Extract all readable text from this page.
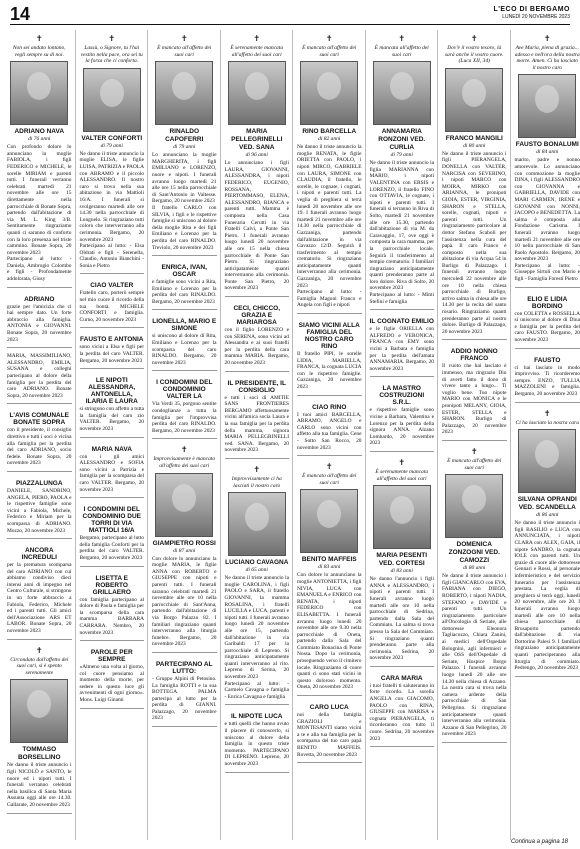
14	L'ECO DI BERGAMO
LUNEDÌ 20 NOVEMBRE 2023
✝
Non sei andato lontano, vegli sempre su di noi.
ADRIANO NAVA
di 76 anni
Con profondo dolore lo annunciano la moglie FABIOLA, i figli FEDERICO e MICHELE, le sorelle MIRIAM e parenti tutti. I funerali verranno celebrati martedì 21 novembre alle ore 15 direttamente nella parrocchiale di Bonate Sopra, partendo dall'abitazione di via M. L. King 3/B. Sentitamente ringraziamo quanti ci saranno di conforto con la loro presenza nel triste cammino. Bonate Sopra, 20 novembre 2023
Partecipano al lutto: - Daniela, Ambrogio Colombo e figli - Profondamente addolorata, Giusy
ADRIANO
grazie per l'amicizia che ci hai sempre dato. Un forte abbraccio alla famiglia. ANTONIA e GIOVANNI. Bonate Sopra, 20 novembre 2023
MARIA, MASSIMILIANO, ALESSANDRO, EMILIA, SUSANA e colleghi partecipano al dolore della famiglia per la perdita del caro ADRIANO. Bonate Sopra, 20 novembre 2023
L'AVIS COMUNALE BONATE SOPRA
con il presidente, il consiglio direttivo e tutti i soci è vicina alla famiglia per la perdita del caro ADRIANO, socio fedele. Bonate Sopra, 20 novembre 2023
PIAZZALUNGA
DANIELE, SANDRINO, ANGELA, PIERO, PAOLA e le rispettive famiglie sono vicini a Fabiola, Michele, Federico e Miriam per la scomparsa di ADRIANO. Mozzo, 20 novembre 2023
ANCORA INCREDULI
per la prematura scomparsa del caro ADRIANO con cui abbiamo condiviso dieci intensi anni di impegno nel Centro Culturale, si stringono in un forte abbraccio a Fabiola, Federico, Michele ed i parenti tutti. Gli amici dell'Associazione ARS ET LABOR. Bonate Sopra, 20 novembre 2023
✝
Circondato dall'affetto dei suoi cari, si è spento serenamente
TOMMASO BORSELLINO
Ne danno il triste annuncio i figli NICOLÒ e SANTO, le nuore ed i nipoti tutti. I funerali verranno celebrati nella basilica di Santa Maria Assunta oggi alle ore 14.30. Gallarate, 20 novembre 2023
✝
Lassù, o Signore, tu l'hai vestito nella pace, ora sei tu la forza che ci conforta.
VALTER CONFORTI
di 79 anni
Ne danno il triste annuncio la moglie ELISA, le figlie LUISA, PATRIZIA e PAOLA con ABRAMO e il piccolo ALESSANDRO. Il nostro caro si trova nella sua abitazione in via Mattioli 16/A. I funerali si svolgeranno martedì alle ore 14.30 nella parrocchiale di Longuelo. Si ringraziano tutti coloro che interverranno alla cerimonia. Bergamo, 20 novembre 2023
Partecipano al lutto: - Elsa Oldrati e figli - Serenella, Claudio, Antonio Bianchini - Sonia e Pietro
CIAO VALTER
Fratello caro, porterò sempre nel mio cuore il ricordo della tua bontà. MICHELE CONFORTI e famiglia. Curno, 20 novembre 2023
FAUSTO E ANTONIA
sono vicini a Elsa e figli per la perdita del caro VALTER. Bergamo, 20 novembre 2023
LE NIPOTI ALESSANDRA, ANTONELLA, ILARIA E LAURA
si stringono con affetto a tutta la famiglia del caro zio VALTER. Bergamo, 20 novembre 2023
MARIA NAVA
con i gli amici ALESSANDRO e SOFIA sono vicini a Patrizia e famiglia per la scomparsa del caro VALTER. Bergamo, 20 novembre 2023
I CONDOMINI DEL CONDOMINIO DUE TORRI DI VIA MATTIOLI 16/A
Bergamo, partecipano al lutto della famiglia Conforti per la perdita del caro VALTER. Bergamo, 20 novembre 2023
LISETTA E ROBERTO GRILLAERO
con famiglia partecipano al dolore di Paola e famiglia per la scomparsa della cara mamma BARBARA CARRARA. Nembro, 20 novembre 2023
PAROLE PER SEMPRE
«Almeno una volta al giorno, col cuore pensiamo al momento della morte, per sedere in questo luce gli avvenimenti di ogni giorno». Mons. Luigi Ginami
✝
È mancato all'affetto dei suoi cari
RINALDO CAPOFERRI
di 79 anni
Lo annunciano la moglie MARGHERITA, i figli EMILIANO e LORENZO, nuore e nipoti. I funerali avranno luogo martedì 21 alle ore 15 nella parrocchiale di Sant'Antonio in Valtesse. Bergamo, 20 novembre 2023
Il fratello CARLO con SILVIA, i figli e le rispettive famiglie si uniscono al dolore della moglie Rita e dei figli Emiliano e Lorenzo per la perdita del caro RINALDO. Treviolo, 20 novembre 2023
ENRICA, IVAN, OSCAR
e famiglie sono vicini a Rita, Emiliano e Lorenzo per la perdita del caro RINALDO. Bergamo, 20 novembre 2023
LIONELLA, MARIO E SIMONE
si uniscono al dolore di Rita, Emiliano e Lorenzo per la scomparsa del caro RINALDO. Bergamo, 20 novembre 2023
I CONDOMINI DEL CONDOMINIO VALTER LA
Via Verdi 35, porgono sentite condoglianze a tutta la famiglia per l'improvvisa perdita del caro RINALDO. Bergamo, 20 novembre 2023
✝
Improvvisamente è mancato all'affetto dei suoi cari
GIAMPIETRO ROSSI
di 87 anni
Con dolore lo annunciano la moglie MARIA, le figlie ANNA con ROBERTO e GIUSEPPE con nipoti e parenti tutti. I funerali saranno celebrati martedì 21 novembre alle ore 10 nella parrocchiale di Sant'Anna, partendo dall'abitazione di via Borgo Palazzo 82. I familiari ringraziano quanti interverranno alla liturgia funebre. Bergamo, 20 novembre 2023
PARTECIPANO AL LUTTO:
- Gruppo Alpini di Petosino. La famiglia ROTTI e la sua BOTTEGA PALMA partecipa al lutto per la perdita di GIANNI. Palazzago, 20 novembre 2023
✝
È serenamente mancata all'affetto dei suoi cari
MARIA PELLEGRINELLI VED. SANA
di 96 anni
Lo annunciano i figli LAURA, GIOVANNI, ALESSANDRA, i nipoti FEDERICO, EUGENIO, ROSSANA, PIERTOMMASO, ELENA, ALESSANDRO, BIANCA e parenti tutti. Mamma è composta nella Casa Funeraria Cerutti in via Fratelli Calvi, a Ponte San Pietro. I funerali avranno luogo lunedì 20 novembre alle ore 15 nella chiesa parrocchiale di Ponte San Pietro. Si ringraziano anticipatamente quanti interverranno alla cerimonia. Ponte San Pietro, 20 novembre 2023
CECI, CHICCO, GRAZIA E MARIAROSA
con il figlio LORENZO e con SERENA, sono vicini ad Alessandra e ai suoi fratelli per la perdita della cara mamma MARIA. Bergamo, 20 novembre 2023
IL PRESIDENTE, IL CONSIGLIO
e tutti i soci di AMITIE SANS FRONTIERES BERGAMO affettuosamente vicini all'amica socia Laura e la sua famiglia per la perdita della mamma, signora MARIA PELLEGRINELLI ved. SANA. Bergamo, 20 novembre 2023
✝
Improvvisamente ci ha lasciati il nostro caro
LUCIANO CAVAGNA
di 65 anni
Ne danno il triste annuncio la moglie CAROLINA, i figli PAOLO e SARA, il fratello GIOVANNI, la mamma ROSALINA, i fratelli LUCILLA e LUCA, parenti e nipoti tutti. I funerali avranno luogo lunedì 20 novembre alle ore 15, partendo dall'abitazione in via Garibaldi 17 per la parrocchiale di Lepreno. Si ringraziano anticipatamente quanti interverranno al rito. Lepreno di Serina, 20 novembre 2023
Partecipano al lutto: - Carmelo Cavagna e famiglia - Enrica Cavagna e famiglia
IL NIPOTE LUCA
e tutti quelli che hanno avuto il piacere di conoscerlo, si uniscono al dolore della famiglia in questo triste momento. PARTECIPANO DI LEPRENO. Lepreno, 20 novembre 2023
✝
È mancato all'affetto dei suoi cari
RINO BARCELLA
di 82 anni
Ne danno il triste annuncio la moglie RENATA, le figlie ORIETTA con PAOLO, i nipoti MIRCO, GABRIELE con LAURA, SIMONE con CLAUDIA, il fratello, le sorelle, le cognate, i cognati, i nipoti e parenti tutti. La veglia di preghiera si terrà lunedì 20 novembre alle ore 19. I funerali avranno luogo martedì 21 novembre alle ore 14.30 nella parrocchiale di Gazzaniga, partendo dall'abitazione in via Gavazzo 12/D. Seguirà il trasferimento al tempio crematorio. Si ringraziano anticipatamente quanti interverranno alla cerimonia. Gazzaniga, 20 novembre 2023
Partecipano al lutto: - Famiglia Magoni Franco e Angela con figli e nipoti
SIAMO VICINI ALLA FAMIGLIA DEL NOSTRO CARO RINO
Il fratello PIPI, le sorelle LIDIA, MARIELLA, FRANCA, la cognata LUCIA con le rispettive famiglie. Gazzaniga, 20 novembre 2023
CIAO RINO
I tuoi amici BARCELLA, ABRAMO, ANGELO e CARLO sono vicini con affetto alla tua famiglia. Cene - Sotto San Rocco, 20 novembre 2023
✝
È mancato all'affetto dei suoi cari
BENITO MAFFEIS
di 83 anni
Con dolore lo annunciano la moglie ANTONIETTA, i figli NIVIA, LUCA con EMANUELA e ENRICO con RENATA, i nipoti FEDERICO con ELISABETTA. I funerali avranno luogo lunedì 20 novembre alle ore 9.30 nella parrocchiale di Oneta, partendo dalla Sala del Commiato Bonacina di Ponte Nossa. Dopo la cerimonia, proseguendo verso il cimitero locale. Ringraziamo di cuore quanti ci sono stati vicini in questo doloroso momento. Oneta, 20 novembre 2023
CARO LUCA
noi della famiglia GRAZIOLI e MONTESANTI siamo vicini a te e alla tua famiglia per la scomparsa del tuo caro papà BENITO MAFFEIS. Rovetta, 20 novembre 2023
✝
È mancata all'affetto dei suoi cari
ANNAMARIA RONZONI VED. CURLIA
di 79 anni
Ne danno il triste annuncio la figlia MARIANNA con MARIO, i nipoti VALENTINA con ERSIS e LORENZO, il fratello FINO con OTTAVIA, le cognate, i nipoti e parenti tutti. I funerali si terranno in Riva di Solto, martedì 21 novembre alle ore 15.30, partendo dall'abitazione di via M. da Caravaggio, 17, ove oggi è composta la cara mamma, per la parrocchiale locale. Seguirà il trasferimento al tempio crematorio. I familiari ringraziano anticipatamente quanti prenderanno parte al loro dolore. Riva di Solto, 20 novembre 2023
Partecipano al lutto: - Mimi Stefini e famiglia
IL COGNATO EMILIO
e le figlie ORIELLA con ALFREDO e VERONICA, FRANCA con EMY sono vicini a Barbara e famiglia per la perdita dell'amata ANNAMARIA. Bergamo, 20 novembre 2023
LA MASTRO COSTRUZIONI S.R.L.
e rispettive famiglie sono vicine a Barbara, Valentina e Lorenzo per la perdita della signora ANNA. Alzano Lombardo, 20 novembre 2023
✝
È serenamente mancata all'affetto dei suoi cari
MARIA PESENTI VED. CORTESI
di 83 anni
Ne danno l'annuncio i figli ANNA e ALESSANDRO, i nipoti e parenti tutti. I funerali avranno luogo martedì alle ore 10 nella parrocchiale di Sedrina, partendo dalla Sala del Commiato. La salma si trova presso la Sala del Commiato. Si ringraziano quanti prenderanno parte alla cerimonia. Sedrina, 20 novembre 2023
CARA MARIA
i tuoi fratelli ti saluteranno in forte ricordo. La sorella ANGELA con GIACOMO, PAOLO con RINA, GIUSEPPE con MARISA e cognata PIERANGELA, ti ricorderanno con tutto il cuore. Sedrina, 20 novembre 2023
✝
Dov'è il vostro tesoro, là sarà anche il vostro cuore. (Luca XII, 34)
FRANCO MANGILI
di 80 anni
Ne danno il triste annuncio i figli PIERANGELA, DONELLA con VALTER, NARCISA con SEVERINO, i nipoti MARCO con MOIRA, MIRKO con ARIANNA, le pronipoti GIOIA, ESTER, VIRGINIA, SHARON e STELLA, sorelle, cognati, nipoti e parenti tutti. Un ringraziamento particolare al dottor Stefano Scaboli per l'assistenza nella cura del papà. Il caro Franco è composto nella sua abitazione di via Acqua 54 in Burligo di Palazzago. I funerali avranno luogo mercoledì 22 novembre alle ore 10 nella chiesa parrocchiale di Burligo, arrivo salma in chiesa alle ore 14.30 per la recita del santo rosario. Ringraziamo quanti prenderanno parte al nostro dolore. Burligo di Palazzago, 20 novembre 2023
ADDIO NONNO FRANCO
Il vuoto che hai lasciato è immenso, ma ringrazio Dio di averti fatto il dono di vivere tanto a lungo... Ti voglio bene. Tuo nipote MARIO con MONICA e le pronipoti MELANY, GIOIA, ESTER, STELLA e SHARON. Burligo di Palazzago, 20 novembre 2023
✝
È mancato all'affetto dei suoi cari
DOMENICA ZONZOGNI VED. CAMOZZI
di 80 anni
Ne danno il triste annuncio i figli GIANCARLO con EVA, FABIANA con DIEGO, ROBERTO, i nipoti NADIA, STEFANO e DAVIDE e parenti tutti. Un ringraziamento particolare all'Oncologia di Seriate, alle dottoresse Eleonora Tagliacozzo, Chiara Zanini, ai medici dell'Ospedale Bolognini, agli infermieri e alle OSS dell'Ospedale di Seriate, Hospice Borgo Palazzo. I funerali avranno luogo lunedì 20 alle ore 14.30 nella chiesa di Azzano. La nostra cara si trova nella camera ardente della parrocchiale di San Pellegrino. Si ringraziano anticipatamente quanti interverranno alla cerimonia. Azzano di San Pellegrino, 20 novembre 2023
✝
Ave Maria, piena di grazia... adesso e nell'ora della nostra morte. Amen. Ci ha lasciato il nostro caro
FAUSTO BONALUMI
di 84 anni
marito, padre e nonno amorevole. Lo annunciano con commozione la moglie DINA, i figli ALESSANDRO con GIOVANNA e GABRIELLA, DAVIDE con MARI CARMEN, IRENE e GIOVANNI con NONNI, JACOPO e BENEDETTA. La salma è composta alla Fondazione Carisma. I funerali avranno luogo martedì 21 novembre alle ore 10 nella parrocchiale di San Paolo Apostolo. Bergamo, 20 novembre 2023
Partecipano al lutto: - Giuseppe Sirtoli con Mario e figli - Famiglia Forestí Pietro
ELIO E LIDIA BORDINO
con COLETTA e ROSSELLA si uniscono al dolore di Dina e famiglia per la perdita del caro FAUSTO. Bergamo, 20 novembre 2023
FAUSTO
ci hai lasciato in modo improvviso. Ti ricorderemo sempre. ENZO, TULLIA MAZZOLENI e famiglia. Bergamo, 20 novembre 2023
✝
Ci ha lasciato la nostra cara
SILVANA OPRANDI VED. SCANDELLA
di 86 anni
Ne danno il triste annuncio i figli BASILIO e LUCA con ANNUNCIATA, i nipoti CLARA con ALEX, GAIA, il nipote SANDRO, la cognata IOLE con parenti tutti. Un grazie di cuore alle dottoresse Gennari e Rossi, al personale infermieristico e del servizio funerario per l'assistenza prestata. La veglia di preghiera si terrà oggi, lunedì 20 novembre, alle ore 20. I funerali avranno luogo martedì alle ore 10 nella chiesa parrocchiale di Brusaporto partendo dall'abitazione di via Dottorino Palesi 9. I familiari ringraziano anticipatamente quanti parteciperanno alla liturgia di commiato. Pedrengo, 20 novembre 2023
Continua a pagina 18
